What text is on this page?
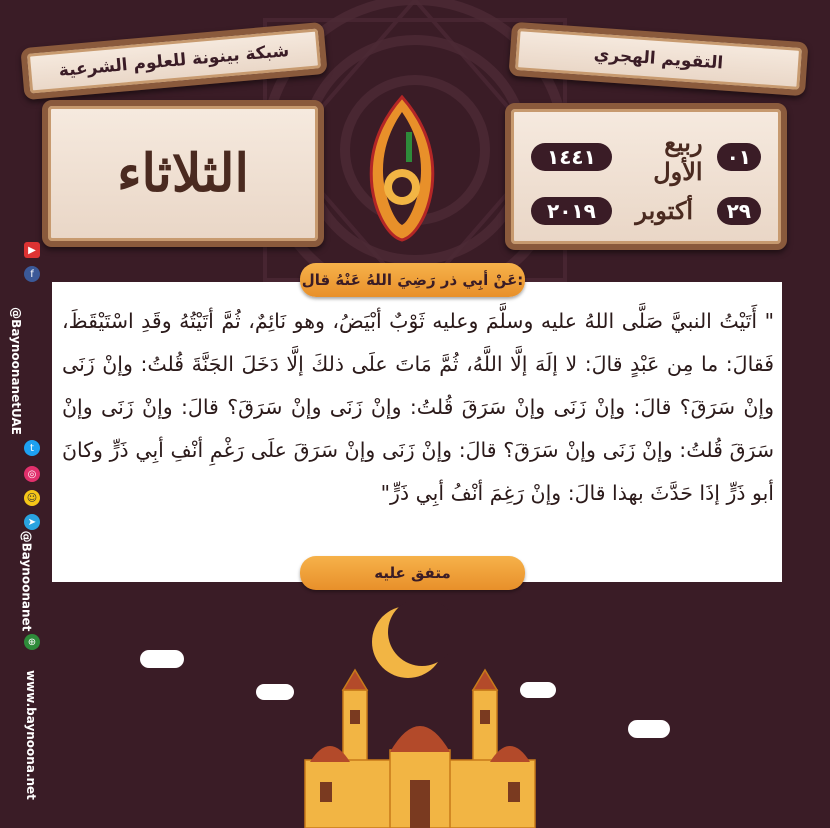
شبكة بينونة للعلوم الشرعية	التقويم الهجري
الثلاثاء	٠١
ربيع الأول
١٤٤١
٢٩
أكتوبر
٢٠١٩
▶
f
@BaynoonanetUAE
t
◎
☺
➤
@Baynoonanet
⊕
www.baynoona.net
عَنْ أبِي ذر رَضِيَ اللهُ عَنْهُ قال:
" أَتَيْتُ النبيَّ صَلَّى اللهُ عليه وسلَّمَ وعليه ثَوْبٌ أبْيَضُ، وهو نَائِمٌ، ثُمَّ أتَيْتُهُ وقَدِ اسْتَيْقَظَ، فَقالَ: ما مِن عَبْدٍ قالَ: لا إلَهَ إلَّا اللَّهُ، ثُمَّ مَاتَ علَى ذلكَ إلَّا دَخَلَ الجَنَّةَ قُلتُ: وإنْ زَنَى وإنْ سَرَقَ؟ قالَ: وإنْ زَنَى وإنْ سَرَقَ قُلتُ: وإنْ زَنَى وإنْ سَرَقَ؟ قالَ: وإنْ زَنَى وإنْ سَرَقَ قُلتُ: وإنْ زَنَى وإنْ سَرَقَ؟ قالَ: وإنْ زَنَى وإنْ سَرَقَ علَى رَغْمِ أنْفِ أبِي ذَرٍّ وكانَ أبو ذَرٍّ إذَا حَدَّثَ بهذا قالَ: وإنْ رَغِمَ أنْفُ أبِي ذَرٍّ"
متفق عليه
